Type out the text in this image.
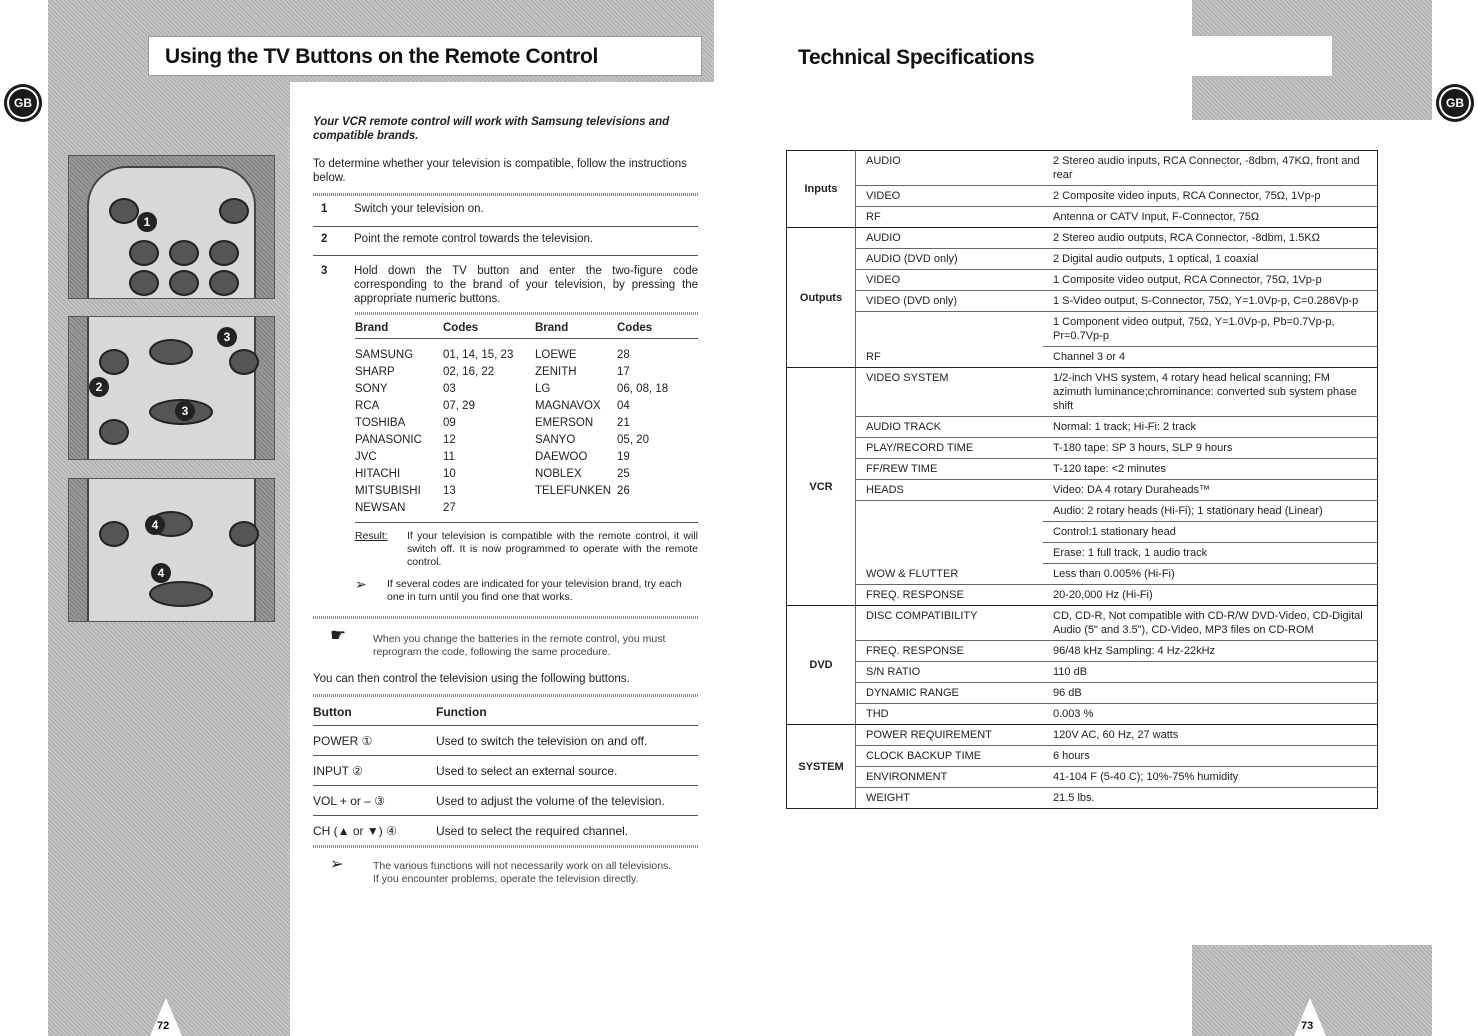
Using the TV Buttons on the Remote Control
GB
1
3
2
3
4
4
Your VCR remote control will work with Samsung televisions and compatible brands.
To determine whether your television is compatible, follow the instructions below.
1 Switch your television on.
2 Point the remote control towards the television.
3 Hold down the TV button and enter the two-figure code corresponding to the brand of your television, by pressing the appropriate numeric buttons.
Brand	Codes	Brand	Codes

SAMSUNG	01, 14, 15, 23	LOEWE	28
SHARP	02, 16, 22	ZENITH	17
SONY	03	LG	06, 08, 18
RCA	07, 29	MAGNAVOX	04
TOSHIBA	09	EMERSON	21
PANASONIC	12	SANYO	05, 20
JVC	11	DAEWOO	19
HITACHI	10	NOBLEX	25
MITSUBISHI	13	TELEFUNKEN	26
NEWSAN	27		
Result: If your television is compatible with the remote control, it will switch off. It is now programmed to operate with the remote control.
➢ If several codes are indicated for your television brand, try each one in turn until you find one that works.
☛	When you change the batteries in the remote control, you must reprogram the code, following the same procedure.
You can then control the television using the following buttons.
Button	Function
POWER ①	Used to switch the television on and off.
INPUT ②	Used to select an external source.
VOL + or – ③	Used to adjust the volume of the television.
CH (▲ or ▼) ④	Used to select the required channel.
➢	The various functions will not necessarily work on all televisions. If you encounter problems, operate the television directly.
72
Technical Specifications
GB
Inputs	AUDIO	2 Stereo audio inputs, RCA Connector, -8dbm, 47KΩ, front and rear
	VIDEO	2 Composite video inputs, RCA Connector, 75Ω, 1Vp-p
	RF	Antenna or CATV Input, F-Connector, 75Ω
Outputs	AUDIO	2 Stereo audio outputs, RCA Connector, -8dbm, 1.5KΩ
	AUDIO (DVD only)	2 Digital audio outputs, 1 optical, 1 coaxial
	VIDEO	1 Composite video output, RCA Connector, 75Ω, 1Vp-p
	VIDEO (DVD only)	1 S-Video output, S-Connector, 75Ω, Y=1.0Vp-p, C=0.286Vp-p
		1 Component video output, 75Ω, Y=1.0Vp-p, Pb=0.7Vp-p, Pr=0.7Vp-p
	RF	Channel 3 or 4
VCR	VIDEO SYSTEM	1/2-inch VHS system, 4 rotary head helical scanning; FM azimuth luminance;chrominance: converted sub system phase shift
	AUDIO TRACK	Normal: 1 track; Hi-Fi: 2 track
	PLAY/RECORD TIME	T-180 tape: SP 3 hours, SLP 9 hours
	FF/REW TIME	T-120 tape: <2 minutes
	HEADS	Video: DA 4 rotary Duraheads™
		Audio: 2 rotary heads (Hi-Fi); 1 stationary head (Linear)
		Control:1 stationary head
		Erase: 1 full track, 1 audio track
	WOW & FLUTTER	Less than 0.005% (Hi-Fi)
	FREQ. RESPONSE	20-20,000 Hz (Hi-Fi)
DVD	DISC COMPATIBILITY	CD, CD-R, Not compatible with CD-R/W DVD-Video, CD-Digital Audio (5" and 3.5"), CD-Video, MP3 files on CD-ROM
	FREQ. RESPONSE	96/48 kHz Sampling: 4 Hz-22kHz
	S/N RATIO	110 dB
	DYNAMIC RANGE	96 dB
	THD	0.003 %
SYSTEM	POWER REQUIREMENT	120V AC, 60 Hz, 27 watts
	CLOCK BACKUP TIME	6 hours
	ENVIRONMENT	41-104 F (5-40 C); 10%-75% humidity
	WEIGHT	21.5 lbs.
73
